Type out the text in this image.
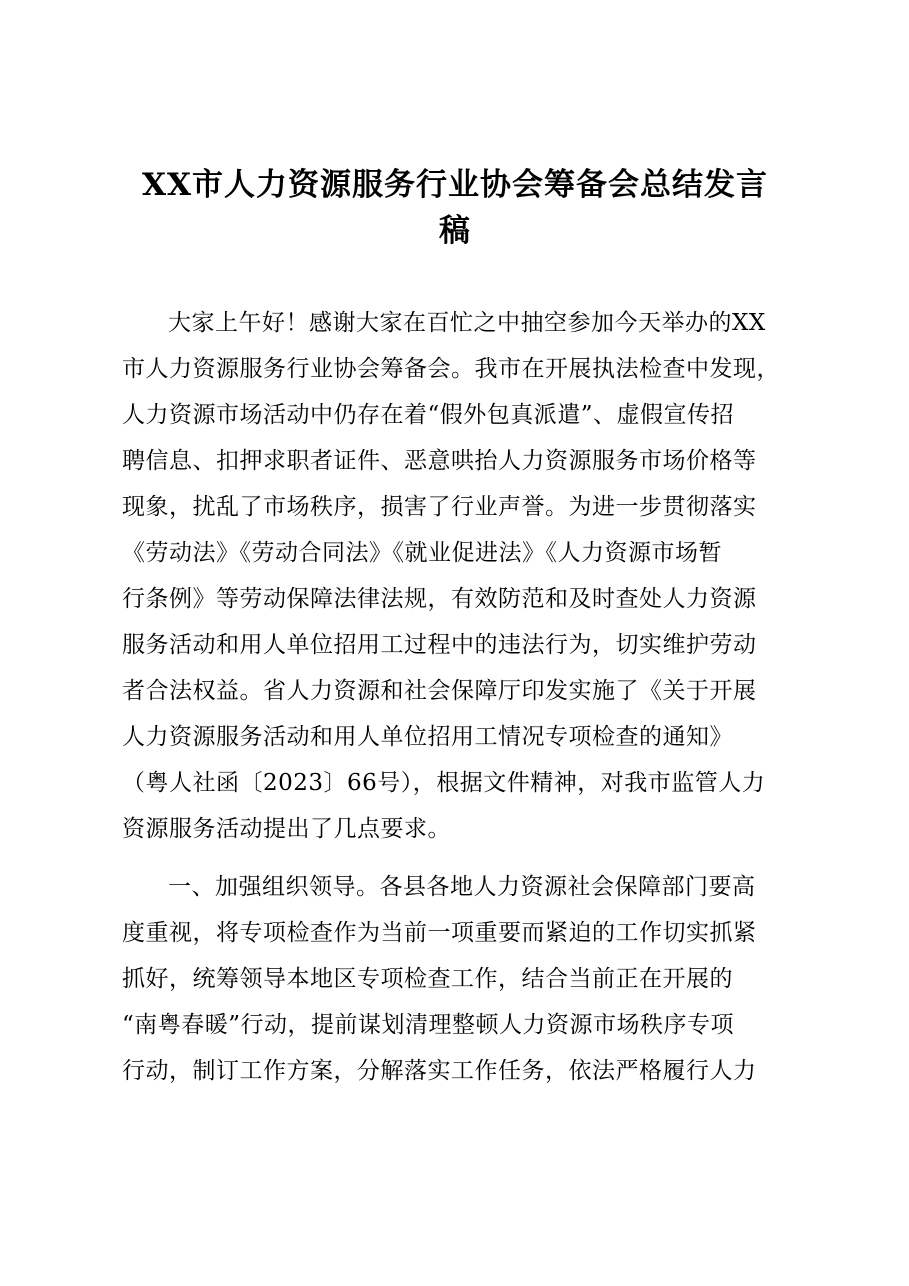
XX市人力资源服务行业协会筹备会总结发言
稿
大家上午好！感谢大家在百忙之中抽空参加今天举办的XX
市人力资源服务行业协会筹备会。我市在开展执法检查中发现，
人力资源市场活动中仍存在着“假外包真派遣”、虚假宣传招
聘信息、扣押求职者证件、恶意哄抬人力资源服务市场价格等
现象，扰乱了市场秩序，损害了行业声誉。为进一步贯彻落实
《劳动法》《劳动合同法》《就业促进法》《人力资源市场暂
行条例》等劳动保障法律法规，有效防范和及时查处人力资源
服务活动和用人单位招用工过程中的违法行为，切实维护劳动
者合法权益。省人力资源和社会保障厅印发实施了《关于开展
人力资源服务活动和用人单位招用工情况专项检查的通知》
（粤人社函〔2023〕66号），根据文件精神，对我市监管人力
资源服务活动提出了几点要求。
一、加强组织领导。各县各地人力资源社会保障部门要高
度重视，将专项检查作为当前一项重要而紧迫的工作切实抓紧
抓好，统筹领导本地区专项检查工作，结合当前正在开展的
“南粤春暖”行动，提前谋划清理整顿人力资源市场秩序专项
行动，制订工作方案，分解落实工作任务，依法严格履行人力
